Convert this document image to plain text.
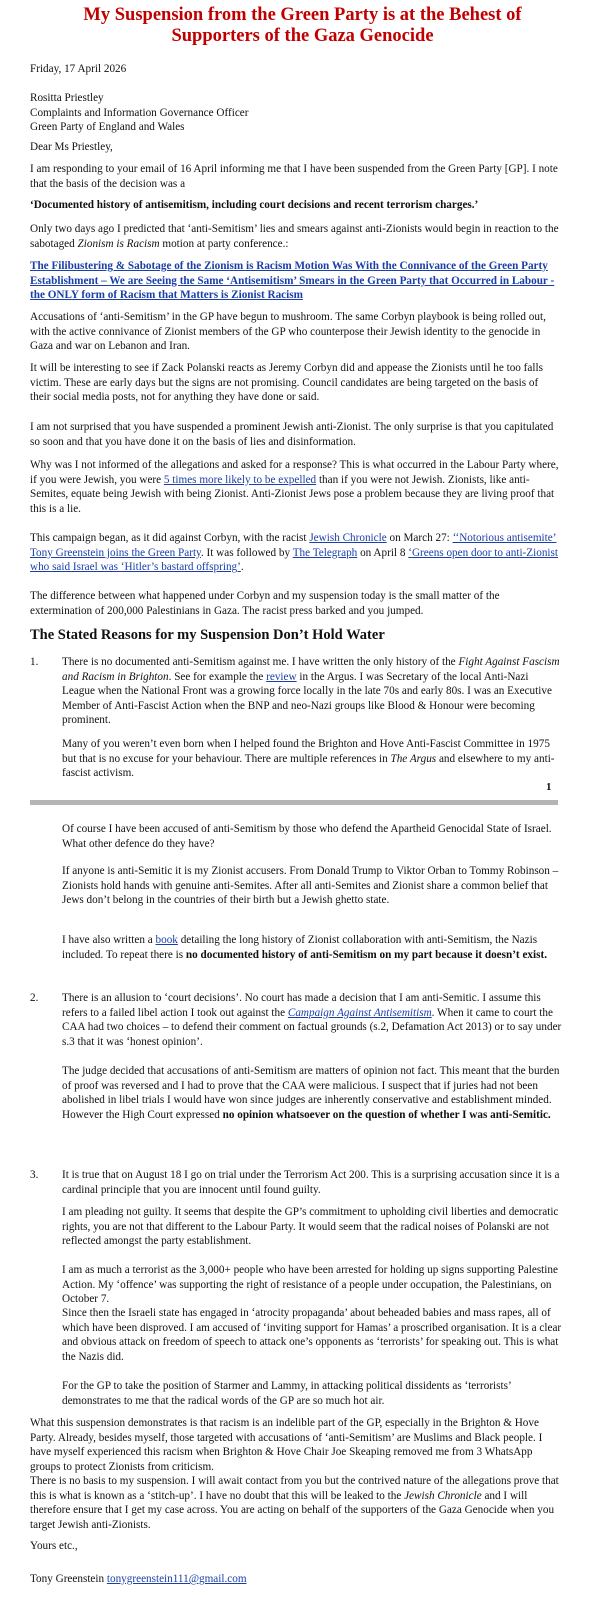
My Suspension from the Green Party is at the Behest of
Supporters of the Gaza Genocide

Friday, 17 April 2026

Rositta Priestley
Complaints and Information Governance Officer
Green Party of England and Wales

Dear Ms Priestley,

I am responding to your email of 16 April informing me that I have been suspended from the Green Party [GP]. I note that the basis of the decision was a

‘Documented history of antisemitism, including court decisions and recent terrorism charges.’

Only two days ago I predicted that ‘anti-Semitism’ lies and smears against anti-Zionists would begin in reaction to the sabotaged Zionism is Racism motion at party conference.:

The Filibustering & Sabotage of the Zionism is Racism Motion Was With the Connivance of the Green Party Establishment – We are Seeing the Same ‘Antisemitism’ Smears in the Green Party that Occurred in Labour - the ONLY form of Racism that Matters is Zionist Racism

Accusations of ‘anti-Semitism’ in the GP have begun to mushroom. The same Corbyn playbook is being rolled out, with the active connivance of Zionist members of the GP who counterpose their Jewish identity to the genocide in Gaza and war on Lebanon and Iran.

It will be interesting to see if Zack Polanski reacts as Jeremy Corbyn did and appease the Zionists until he too falls victim. These are early days but the signs are not promising. Council candidates are being targeted on the basis of their social media posts, not for anything they have done or said.

I am not surprised that you have suspended a prominent Jewish anti-Zionist. The only surprise is that you capitulated so soon and that you have done it on the basis of lies and disinformation.

Why was I not informed of the allegations and asked for a response? This is what occurred in the Labour Party where, if you were Jewish, you were 5 times more likely to be expelled than if you were not Jewish. Zionists, like anti-Semites, equate being Jewish with being Zionist. Anti-Zionist Jews pose a problem because they are living proof that this is a lie.

This campaign began, as it did against Corbyn, with the racist Jewish Chronicle on March 27: ‘‘Notorious antisemite’ Tony Greenstein joins the Green Party. It was followed by The Telegraph on April 8 ‘Greens open door to anti-Zionist who said Israel was ‘Hitler’s bastard offspring’.

The difference between what happened under Corbyn and my suspension today is the small matter of the extermination of 200,000 Palestinians in Gaza. The racist press barked and you jumped.

The Stated Reasons for my Suspension Don’t Hold Water
1. There is no documented anti-Semitism against me. I have written the only history of the Fight Against Fascism and Racism in Brighton. See for example the review in the Argus. I was Secretary of the local Anti-Nazi League when the National Front was a growing force locally in the late 70s and early 80s. I was an Executive Member of Anti-Fascist Action when the BNP and neo-Nazi groups like Blood & Honour were becoming prominent.

Many of you weren’t even born when I helped found the Brighton and Hove Anti-Fascist Committee in 1975 but that is no excuse for your behaviour. There are multiple references in The Argus and elsewhere to my anti-fascist activism.

1

Of course I have been accused of anti-Semitism by those who defend the Apartheid Genocidal State of Israel. What other defence do they have?

If anyone is anti-Semitic it is my Zionist accusers. From Donald Trump to Viktor Orban to Tommy Robinson – Zionists hold hands with genuine anti-Semites. After all anti-Semites and Zionist share a common belief that Jews don’t belong in the countries of their birth but a Jewish ghetto state.

I have also written a book detailing the long history of Zionist collaboration with anti-Semitism, the Nazis included. To repeat there is no documented history of anti-Semitism on my part because it doesn’t exist.

2. There is an allusion to ‘court decisions’. No court has made a decision that I am anti-Semitic. I assume this refers to a failed libel action I took out against the Campaign Against Antisemitism. When it came to court the CAA had two choices – to defend their comment on factual grounds (s.2, Defamation Act 2013) or to say under s.3 that it was ‘honest opinion’.

The judge decided that accusations of anti-Semitism are matters of opinion not fact. This meant that the burden of proof was reversed and I had to prove that the CAA were malicious. I suspect that if juries had not been abolished in libel trials I would have won since judges are inherently conservative and establishment minded. However the High Court expressed no opinion whatsoever on the question of whether I was anti-Semitic.

3. It is true that on August 18 I go on trial under the Terrorism Act 200. This is a surprising accusation since it is a cardinal principle that you are innocent until found guilty.

I am pleading not guilty. It seems that despite the GP’s commitment to upholding civil liberties and democratic rights, you are not that different to the Labour Party. It would seem that the radical noises of Polanski are not reflected amongst the party establishment.

I am as much a terrorist as the 3,000+ people who have been arrested for holding up signs supporting Palestine Action. My ‘offence’ was supporting the right of resistance of a people under occupation, the Palestinians, on October 7.

Since then the Israeli state has engaged in ‘atrocity propaganda’ about beheaded babies and mass rapes, all of which have been disproved. I am accused of ‘inviting support for Hamas’ a proscribed organisation. It is a clear and obvious attack on freedom of speech to attack one’s opponents as ‘terrorists’ for speaking out. This is what the Nazis did.

For the GP to take the position of Starmer and Lammy, in attacking political dissidents as ‘terrorists’ demonstrates to me that the radical words of the GP are so much hot air.

What this suspension demonstrates is that racism is an indelible part of the GP, especially in the Brighton & Hove Party. Already, besides myself, those targeted with accusations of ‘anti-Semitism’ are Muslims and Black people. I have myself experienced this racism when Brighton & Hove Chair Joe Skeaping removed me from 3 WhatsApp groups to protect Zionists from criticism.

There is no basis to my suspension. I will await contact from you but the contrived nature of the allegations prove that this is what is known as a ‘stitch-up’. I have no doubt that this will be leaked to the Jewish Chronicle and I will therefore ensure that I get my case across. You are acting on behalf of the supporters of the Gaza Genocide when you target Jewish anti-Zionists.

Yours etc.,

Tony Greenstein tonygreenstein111@gmail.com
